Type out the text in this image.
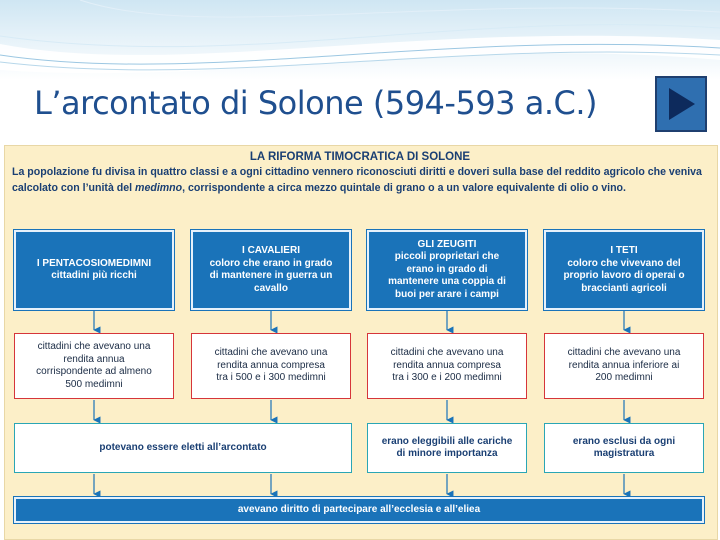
L’arcontato di Solone (594-593 a.C.)
LA RIFORMA TIMOCRATICA DI SOLONE
La popolazione fu divisa in quattro classi e a ogni cittadino vennero riconosciuti diritti e doveri sulla base del reddito agricolo che veniva calcolato con l’unità del medimno, corrispondente a circa mezzo quintale di grano o a un valore equivalente di olio o vino.
I PENTACOSIOMEDIMNI
cittadini più ricchi
I CAVALIERI
coloro che erano in grado di mantenere in guerra un cavallo
GLI ZEUGITI
piccoli proprietari che erano in grado di mantenere una coppia di buoi per arare i campi
I TETI
coloro che vivevano del proprio lavoro di operai o braccianti agricoli
cittadini che avevano una rendita annua corrispondente ad almeno 500 medimni
cittadini che avevano una rendita annua compresa tra i 500 e i 300 medimni
cittadini che avevano una rendita annua compresa tra i 300 e i 200 medimni
cittadini che avevano una rendita annua inferiore ai 200 medimni
potevano essere eletti all’arcontato
erano eleggibili alle cariche di minore importanza
erano esclusi da ogni magistratura
avevano diritto di partecipare all’ecclesia e all’eliea
